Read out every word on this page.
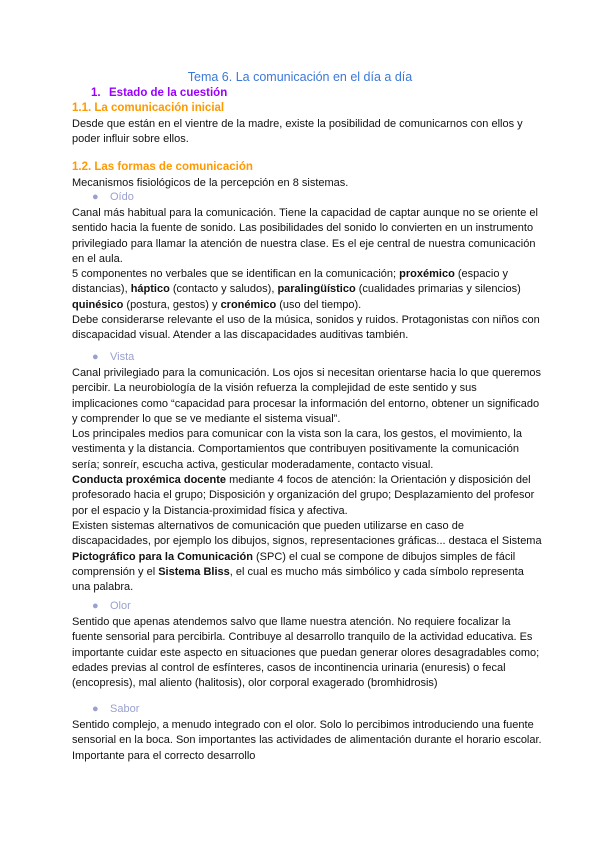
Tema 6. La comunicación en el día a día
1. Estado de la cuestión
1.1. La comunicación inicial

Desde que están en el vientre de la madre, existe la posibilidad de comunicarnos con ellos y poder influir sobre ellos.

1.2. Las formas de comunicación

Mecanismos fisiológicos de la percepción en 8 sistemas.

● Oído

Canal más habitual para la comunicación. Tiene la capacidad de captar aunque no se oriente el sentido hacia la fuente de sonido. Las posibilidades del sonido lo convierten en un instrumento privilegiado para llamar la atención de nuestra clase. Es el eje central de nuestra comunicación en el aula.

5 componentes no verbales que se identifican en la comunicación; proxémico (espacio y distancias), háptico (contacto y saludos), paralingüístico (cualidades primarias y silencios) quinésico (postura, gestos) y cronémico (uso del tiempo).

Debe considerarse relevante el uso de la música, sonidos y ruidos. Protagonistas con niños con discapacidad visual. Atender a las discapacidades auditivas también.

● Vista

Canal privilegiado para la comunicación. Los ojos si necesitan orientarse hacia lo que queremos percibir. La neurobiología de la visión refuerza la complejidad de este sentido y sus implicaciones como “capacidad para procesar la información del entorno, obtener un significado y comprender lo que se ve mediante el sistema visual”.

Los principales medios para comunicar con la vista son la cara, los gestos, el movimiento, la vestimenta y la distancia. Comportamientos que contribuyen positivamente la comunicación sería; sonreír, escucha activa, gesticular moderadamente, contacto visual.

Conducta proxémica docente mediante 4 focos de atención: la Orientación y disposición del profesorado hacia el grupo; Disposición y organización del grupo; Desplazamiento del profesor por el espacio y la Distancia-proximidad física y afectiva.

Existen sistemas alternativos de comunicación que pueden utilizarse en caso de discapacidades, por ejemplo los dibujos, signos, representaciones gráficas... destaca el Sistema Pictográfico para la Comunicación (SPC) el cual se compone de dibujos simples de fácil comprensión y el Sistema Bliss, el cual es mucho más simbólico y cada símbolo representa una palabra.

● Olor

Sentido que apenas atendemos salvo que llame nuestra atención. No requiere focalizar la fuente sensorial para percibirla. Contribuye al desarrollo tranquilo de la actividad educativa. Es importante cuidar este aspecto en situaciones que puedan generar olores desagradables como; edades previas al control de esfínteres, casos de incontinencia urinaria (enuresis) o fecal (encopresis), mal aliento (halitosis), olor corporal exagerado (bromhidrosis)

● Sabor

Sentido complejo, a menudo integrado con el olor. Solo lo percibimos introduciendo una fuente sensorial en la boca. Son importantes las actividades de alimentación durante el horario escolar. Importante para el correcto desarrollo
